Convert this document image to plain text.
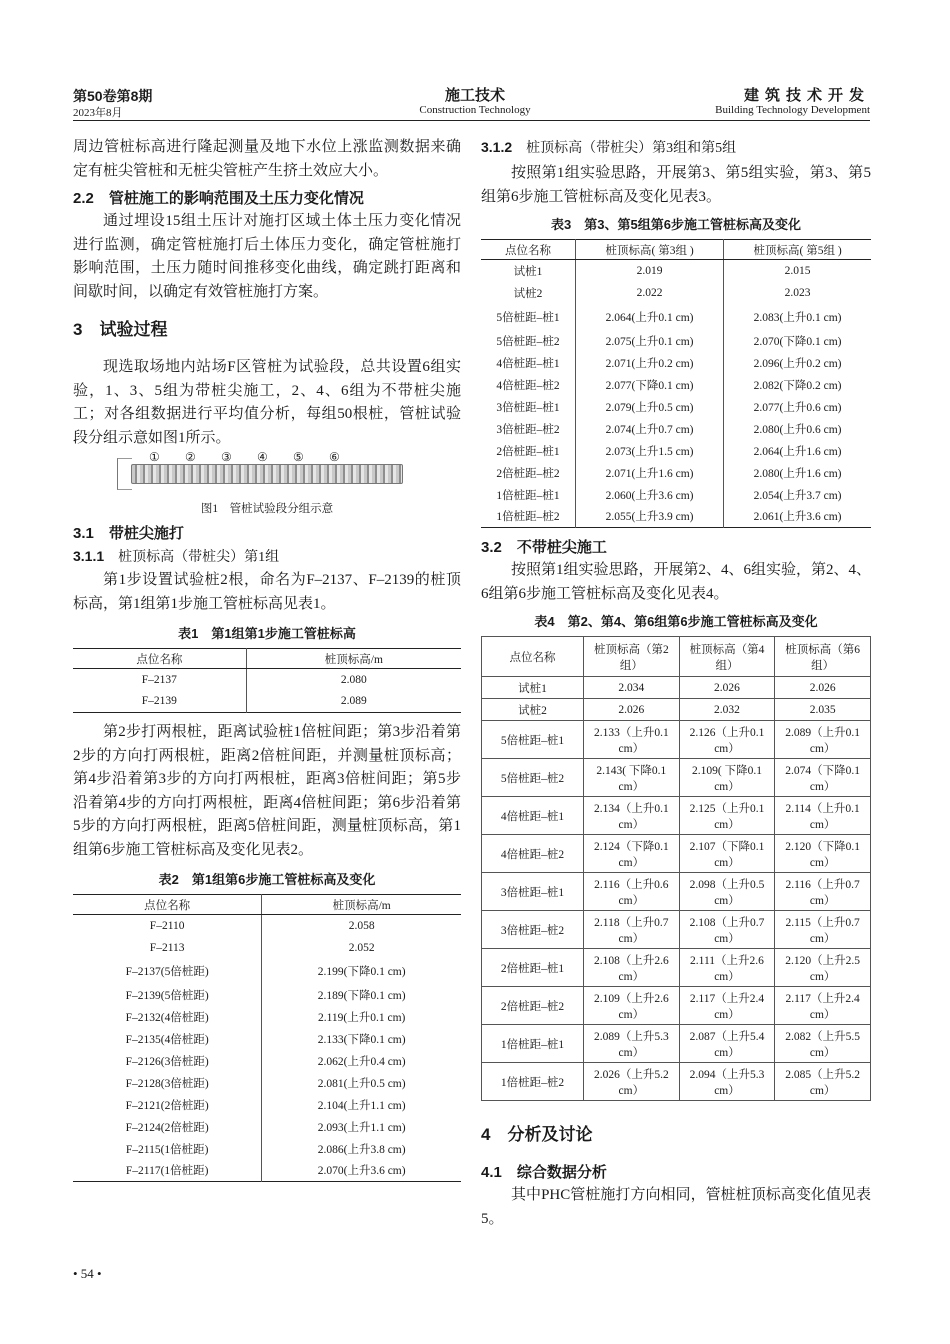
第50卷第8期
2023年8月
施工技术
Construction Technology
建筑技术开发
Building Technology Development

周边管桩标高进行隆起测量及地下水位上涨监测数据来确定有桩尖管桩和无桩尖管桩产生挤土效应大小。

2.2　管桩施工的影响范围及土压力变化情况

通过埋设15组土压计对施打区域土体土压力变化情况进行监测，确定管桩施打后土体压力变化，确定管桩施打影响范围，土压力随时间推移变化曲线，确定跳打距离和间歇时间，以确定有效管桩施打方案。

3　试验过程

现选取场地内站场F区管桩为试验段，总共设置6组实验，1、3、5组为带桩尖施工，2、4、6组为不带桩尖施工；对各组数据进行平均值分析，每组50根桩，管桩试验段分组示意如图1所示。

① ② ③ ④ ⑤ ⑥

图1　管桩试验段分组示意

3.1　带桩尖施打

3.1.1　 桩顶标高（带桩尖）第1组

第1步设置试验桩2根，命名为F–2137、F–2139的桩顶标高，第1组第1步施工管桩标高见表1。

表1　第1组第1步施工管桩标高

点位名称	桩顶标高/m
F–2137	2.080
F–2139	2.089

第2步打两根桩，距离试验桩1倍桩间距；第3步沿着第2步的方向打两根桩，距离2倍桩间距，并测量桩顶标高；第4步沿着第3步的方向打两根桩，距离3倍桩间距；第5步沿着第4步的方向打两根桩，距离4倍桩间距；第6步沿着第5步的方向打两根桩，距离5倍桩间距，测量桩顶标高，第1组第6步施工管桩标高及变化见表2。

表2　第1组第6步施工管桩标高及变化

点位名称	桩顶标高/m
F–2110	2.058
F–2113	2.052
F–2137(5倍桩距)	2.199(下降0.1 cm)
F–2139(5倍桩距)	2.189(下降0.1 cm)
F–2132(4倍桩距)	2.119(上升0.1 cm)
F–2135(4倍桩距)	2.133(下降0.1 cm)
F–2126(3倍桩距)	2.062(上升0.4 cm)
F–2128(3倍桩距)	2.081(上升0.5 cm)
F–2121(2倍桩距)	2.104(上升1.1 cm)
F–2124(2倍桩距)	2.093(上升1.1 cm)
F–2115(1倍桩距)	2.086(上升3.8 cm)
F–2117(1倍桩距)	2.070(上升3.6 cm)

3.1.2　 桩顶标高（带桩尖）第3组和第5组

按照第1组实验思路，开展第3、第5组实验，第3、第5组第6步施工管桩标高及变化见表3。

表3　第3、第5组第6步施工管桩标高及变化

点位名称	桩顶标高( 第3组 )	桩顶标高( 第5组 )
试桩1	2.019	2.015
试桩2	2.022	2.023
5倍桩距–桩1	2.064(上升0.1 cm)	2.083(上升0.1 cm)
5倍桩距–桩2	2.075(上升0.1 cm)	2.070(下降0.1 cm)
4倍桩距–桩1	2.071(上升0.2 cm)	2.096(上升0.2 cm)
4倍桩距–桩2	2.077(下降0.1 cm)	2.082(下降0.2 cm)
3倍桩距–桩1	2.079(上升0.5 cm)	2.077(上升0.6 cm)
3倍桩距–桩2	2.074(上升0.7 cm)	2.080(上升0.6 cm)
2倍桩距–桩1	2.073(上升1.5 cm)	2.064(上升1.6 cm)
2倍桩距–桩2	2.071(上升1.6 cm)	2.080(上升1.6 cm)
1倍桩距–桩1	2.060(上升3.6 cm)	2.054(上升3.7 cm)
1倍桩距–桩2	2.055(上升3.9 cm)	2.061(上升3.6 cm)

3.2　不带桩尖施工

按照第1组实验思路，开展第2、4、6组实验，第2、4、6组第6步施工管桩标高及变化见表4。

表4　第2、第4、第6组第6步施工管桩标高及变化

点位名称	桩顶标高（第2组）	桩顶标高（第4组）	桩顶标高（第6组）
试桩1	2.034	2.026	2.026
试桩2	2.026	2.032	2.035
5倍桩距–桩1	2.133（上升0.1 cm）	2.126（上升0.1 cm）	2.089（上升0.1 cm）
5倍桩距–桩2	2.143( 下降0.1 cm）	2.109( 下降0.1 cm）	2.074（下降0.1 cm）
4倍桩距–桩1	2.134（上升0.1 cm）	2.125（上升0.1 cm）	2.114（上升0.1 cm）
4倍桩距–桩2	2.124（下降0.1 cm）	2.107（下降0.1 cm）	2.120（下降0.1 cm）
3倍桩距–桩1	2.116（上升0.6 cm）	2.098（上升0.5 cm）	2.116（上升0.7 cm）
3倍桩距–桩2	2.118（上升0.7 cm）	2.108（上升0.7 cm）	2.115（上升0.7 cm）
2倍桩距–桩1	2.108（上升2.6 cm）	2.111（上升2.6 cm）	2.120（上升2.5 cm）
2倍桩距–桩2	2.109（上升2.6 cm）	2.117（上升2.4 cm）	2.117（上升2.4 cm）
1倍桩距–桩1	2.089（上升5.3 cm）	2.087（上升5.4 cm）	2.082（上升5.5 cm）
1倍桩距–桩2	2.026（上升5.2 cm）	2.094（上升5.3 cm）	2.085（上升5.2 cm）

4　分析及讨论

4.1　综合数据分析

其中PHC管桩施打方向相同，管桩桩顶标高变化值见表5。

• 54 •
